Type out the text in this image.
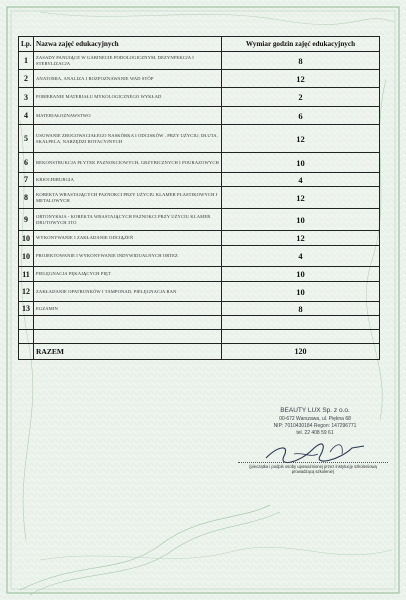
Lp.	Nazwa zajęć edukacyjnych	Wymiar godzin zajęć edukacyjnych
1	ZASADY PANUJĄCE W GABINECIE PODOLOGICZNYM, DEZYNFEKCJA I STERYLIZACJA	8
2	ANATOMIA, ANALIZA I ROZPOZNAWANIE WAD STÓP	12
3	POBIERANIE MATERIAŁU MYKOLOGICZNEGO WYKŁAD	2
4	MATERIAŁOZNAWSTWO	6
5	USUWANIE ZROGOWACIAŁEGO NASKÓRKA I ODCISKÓW , PRZY UŻYCIU; DŁUTA, SKALPELA, NARZĘDZI ROTACYJNYCH	12
6	REKONSTRUKCJA PŁYTEK PAZNOKCIOWYCH, GRZYBICZNYCH I POURAZOWYCH	10
7	KRIOCHIRURGIA	4
8	KOREKTA WRASTAJĄCYCH PAZNOKCI PRZY UŻYCIU KLAMER PLASTIKOWYCH I METALOWYCH	12
9	ORTONYKSJA - KOREKTA WRASTAJĄCYCH PAZNOKCI PRZY UŻYCIU KLAMER DRUTOWYCH 3TO	10
10	WYKONYWANIE I ZAKŁADANIE ODCIĄŻEŃ	12
10	PROJEKTOWANIE I WYKONYWANIE INDYWIDUALNYCH ORTEZ	4
11	PIELĘGNACJA PĘKAJĄCYCH PIĘT	10
12	ZAKŁADANIE OPATRUNKÓW I TAMPONAD, PIELĘGNACJA RAN	10
13	EGZAMIN	8

	RAZEM	120
BEAUTY LUX Sp. z o.o.
00-672 Warszawa, ul. Piękna 68
NIP: 7010430184 Regon: 147296771
tel. 22 408 59 61
(pieczątka i podpis osoby upoważnionej przez instytucję szkoleniową prowadzącą szkolenie)
